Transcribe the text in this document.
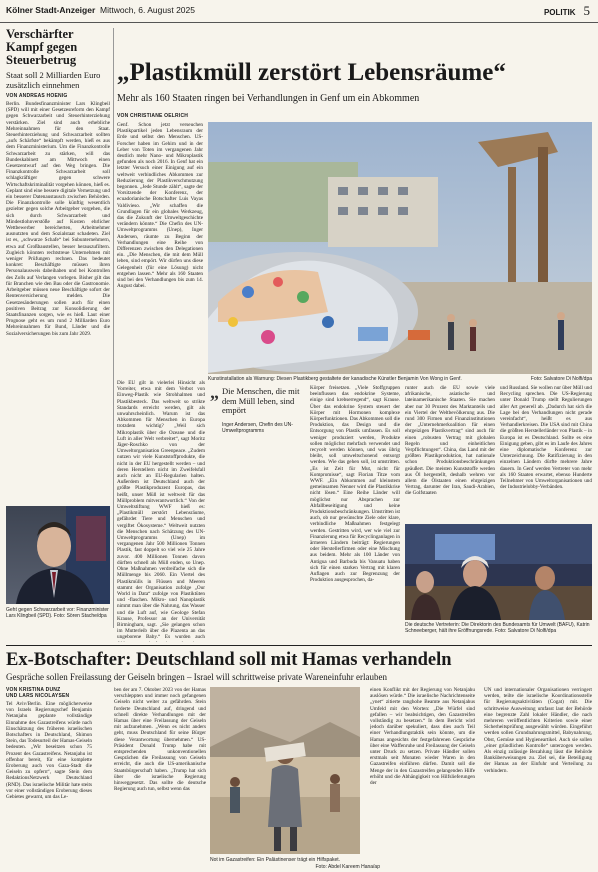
Kölner Stadt-Anzeiger Mittwoch, 6. August 2025	POLITIK 5
Verschärfter Kampf gegen Steuerbetrug
Staat soll 2 Milliarden Euro zusätzlich einnehmen
VON ANDREAS HOENIG
Berlin. Bundesfinanzminister Lars Klingbeil (SPD) will mit einer Gesetzesreform den Kampf gegen Schwarzarbeit und Steuerhinterziehung verstärken. Ziel sind auch erhebliche Mehreinnahmen für den Staat. Steuerhinterziehung und Schwarzarbeit sollten „aufs Schärfste“ bekämpft werden, hieß es aus dem Finanzministerium. Um die Finanzkontrolle Schwarzarbeit zu stärken, will das Bundeskabinett am Mittwoch einen Gesetzentwurf auf den Weg bringen. Die Finanzkontrolle Schwarzarbeit soll schlagkräftiger gegen schwere Wirtschaftskriminalität vorgehen können, hieß es. Geplant sind eine bessere digitale Vernetzung und ein besserer Datenaustausch zwischen Behörden. Die Finanzkontrolle solle künftig wesentlich gezielter gegen solche Arbeitgeber vorgehen, die sich durch Schwarzarbeit und Mindestlohnverstöße auf Kosten ehrlicher Wettbewerber bereicherten, Arbeitnehmer ausnutzten und dem Sozialstaat schadeten. Ziel ist es, „schwarze Schafe“ bei Subunternehmern, etwa auf Großbaustellen, besser herauszufiltern. Zugleich könnten rechtstreue Unternehmen mit weniger Prüfungen rechnen. Das bedeutet konkret: Beschäftigte müssen ihren Personalausweis dabeihaben und bei Kontrollen des Zolls auf Verlangen vorlegen. Bisher gilt das für Branchen wie den Bau oder die Gastronomie. Arbeitgeber müssen neue Beschäftigte sofort der Rentenversicherung melden. Die Gesetzesänderungen sollen auch für einen positiven Beitrag zur Konsolidierung der Staatsfinanzen sorgen, wie es hieß. Laut einer Prognose geht es um rund 2 Milliarden Euro Mehreinnahmen für Bund, Länder und die Sozialversicherungen bis zum Jahr 2029.
Geht gegen Schwarzarbeit vor: Finanzminister Lars Klingbeil (SPD). Foto: Sören Stache/dpa
„Plastikmüll zerstört Lebensräume“
Mehr als 160 Staaten ringen bei Verhandlungen in Genf um ein Abkommen
VON CHRISTIANE OELRICH
Genf. Schon jetzt verseuchen Plastikpartikel jeden Lebensraum der Erde und selbst den Menschen. US-Forscher haben im Gehirn und in der Leber von Toten im vergangenen Jahr deutlich mehr Nano- und Mikroplastik gefunden als noch 2016. In Genf hat ein letzter Versuch einer Einigung auf ein weltweit verbindliches Abkommen zur Reduzierung der Plastikverschmutzung begonnen. „Jede Stunde zählt“, sagte der Vorsitzende der Konferenz, der ecuadorianische Botschafter Luis Vayas Valdivieso. „Wir schaffen die Grundlagen für ein globales Werkzeug, das die Zukunft der Umweltgeschichte verändern könnte.“ Die Chefin des UN-Umweltprogramms (Unep), Inger Andersen, räumte zu Beginn der Verhandlungen eine Reihe von Differenzen zwischen den Delegationen ein. „Die Menschen, die mit dem Müll leben, sind empört. Wir dürfen uns diese Gelegenheit (für eine Lösung) nicht entgehen lassen.“ Mehr als 160 Staaten sind bei den Verhandlungen bis zum 14. August dabei.
Kunstinstallation als Warnung: Diesen Plastikberg gestaltete der kanadische Künstler Benjamin Von Wong in Genf.	Foto: Salvatore Di Nolfi/dpa
Die EU gilt in vielerlei Hinsicht als Vorreiter, etwa mit dem Verbot von Einweg-Plastik wie Strohhalmen und Plastikbesteck. Das weltweit so strikte Standards erreicht werden, gilt als unwahrscheinlich. Warum ist das Abkommen für Menschen in Europa trotzdem wichtig? „Weil sich Mikroplastik über die Ozeane und die Luft in aller Welt verbreitet“, sagt Moritz Jäger-Roschko von der Umweltorganisation Greenpeace. „Zudem nutzen wir viele Kunststoffprodukte, die nicht in der EU hergestellt werden – und deren Herstellern nicht im Zweifelsfall auch nicht an EU-Regularien halten. Außerdem ist Deutschland auch der größte Plastikproduzent Europas, das heißt, unser Müll ist weltweit für das Müllproblem mitverantwortlich.“ Von der Umweltstiftung WWF hieß es: „Plastikmüll zerstört Lebensräume, gefährdet Tiere und Menschen und vergiftet Ökosysteme.“ Weltweit nutzten die Menschen nach Schätzung des UN-Umweltprogramms (Unep) im vergangenen Jahr 500 Millionen Tonnen Plastik, fast doppelt so viel wie 25 Jahre zuvor. 400 Millionen Tonnen davon dürften schnell als Müll enden, so Unep. Ohne Maßnahmen verdreifache sich die Müllmenge bis 2060. Ein Viertel des Plastikmülls in Flüssen und Meeren stammt der Organisation zufolge „Our World in Data“ zufolge von Plastiktüten und -flaschen. Mikro- und Nanoplastik nimmt man über die Nahrung, das Wasser und die Luft auf, wie Geologe Stefan Krause, Professor an der Universität Birmingham, sagt. „Sie gelangen schon im Mutterleib über die Plazenta an das ungeborene Baby.“ Es wurden auch
„ Die Menschen, die mit dem Müll leben, sind empört
Inger Andersen, Chefin des UN-Umweltprogramms
Körper freisetzen. „Viele Stoffgruppen beeinflussen das endokrine Systeme, einige sind krebserregend“, sagt Krause. Über das endokrine System steuert der Körper mit Hormonen komplexe Körperfunktionen. Das Abkommen soll die Produktion, das Design und die Entsorgung von Plastik umfassen. Es soll weniger produziert werden, Produkte sollen möglichst mehrfach verwendet und recycelt werden können, und was übrig bleibt, soll umweltschonend entsorgt werden. Wie das gehen soll, ist umstritten. „Es ist Zeit für Mut, nicht für Kompromisse“, sagt Florian Titze vom WWF. „Ein Abkommen auf kleinstem gemeinsamen Nenner wird die Plastikkrise nicht lösen.“ Eine Reihe Länder will möglichst nur Absprachen zur Abfallbeseitigung und keine Produktionsbeschränkungen. Umstritten ist auch, ob nur gewünschte Ziele oder klare, verbindliche Maßnahmen festgelegt werden. Gestritten wird, wer wie viel zur Finanzierung etwa für Recyclinganlagen in ärmeren Ländern beiträgt: Regierungen oder Herstellerfirmen oder eine Mischung aus beidem. Mehr als 100 Länder von Antigua und Barbuda bis Vanuatu haben sich für einen starken Vertrag mit klaren Auflagen auch zur Begrenzung der Produktion ausgesprochen, da-
runter auch die EU sowie viele afrikanische, asiatische und lateinamerikanische Staaten. Sie machen aber nur 30 Prozent des Marktanteils und ein Viertel der Weltbevölkerung aus. Die rund 300 Firmen und Finanzinstitutionen der „Unternehmerkoalition für einen ehrgeizigen Plastikvertrag“ sind auch für einen „robusten Vertrag mit globalen Regeln und einheitlichen Verpflichtungen“. China, das Land mit der größten Plastikproduktion, hat nationale schon Produktionsbeschränkungen geäußert. Die meisten Kunststoffe werden aus Öl hergestellt, deshalb wehren vor allem die Ölstaaten einen ehrgeizigen Vertrag, darunter der Iran, Saudi-Arabien, die Golfstaaten
und Russland. Sie wollen nur über Müll und Recycling sprechen. Die US-Regierung unter Donald Trump stellt Regulierungen aller Art generell ab. „Dadurch hat sich die Lage bei den Verhandlungen nicht gerade vereinfacht“, heißt es aus Verhandlerkreisen. Die USA sind mit China die größten Herstellerländer von Plastik – in Europa ist es Deutschland. Sollte es eine Einigung geben, gibt es im Laufe des Jahres eine diplomatische Konferenz zur Unterzeichnung. Die Ratifizierung in den einzelnen Ländern dürfte mehrere Jahre dauern. In Genf werden Vertreter von mehr als 160 Staaten erwartet, ebenso Hunderte Teilnehmer von Umweltorganisationen und der Industrielobby-Verbänden.
Die deutsche Vertreterin: Die Direktorin des Bundesamts für Umwelt (BAFU), Katrin Schneeberger, hält ihre Eröffnungsrede. Foto: Salvatore Di Nolfi/dpa
Ex-Botschafter: Deutschland soll mit Hamas verhandeln
Gespräche sollen Freilassung der Geiseln bringen – Israel will schrittweise private Wareneinfuhr erlauben
VON KRISTINA DUNZ
UND LARS NICOLAYSEN
Tel Aviv/Berlin. Eine möglicherweise von Israels Regierungschef Benjamin Netanjahu geplante vollständige Einnahme des Gazastreifens würde nach Einschätzung des früheren israelischen Botschafters in Deutschland, Shimon Stein, das Todesurteil der Hamas-Geiseln bedeuten. „Wir beseitzen schon 75 Prozent des Gazastreifens. Netanjahu ist offenbar bereit, für eine komplette Eroberung auch von Gaza-Stadt die Geiseln zu opfern“, sagte Stein dem RedaktionsNetzwerk Deutschland (RND). Das israelische Militär hate steits vor einer vollständigen Eroberung dieses Gebietes gewarnt, um das Le-
ben der am 7. Oktober 2023 von der Hamas verschleppten und immer noch gefangenen Geiseln nicht weiter zu gefährden. Stein forderte Deutschland auf, dringend und schnell direkte Verhandlungen mit der Hamas über eine Freilassung der Geiseln mit aufzunehmen. „Wenn es nicht anders geht, muss Deutschland für seine Bürger diese Verantwortung übernehmen.“ US-Präsident Donald Trump habe mit entsprechenden unkonventionellen Gesprächen die Freilassung von Geiseln erreicht, die auch die US-amerikanische Staatsbürgerschaft haben. „Trump hat sich über die israelische Regierung hinweggesetzt. Das sollte die deutsche Regierung auch tun, selbst wenn das
Not im Gazastreifen: Ein Palästinenser trägt ein Hilfspaket.
Foto: Abdel Kareem Hana/ap
einen Konflikt mit der Regierung von Netanjahu auslösen würde.“ Die israelische Nachrichtenseite „ynet“ zitierte ranghohe Beamte aus Netanjahus Umfeld mit den Worten: „Die Würfel sind gefallen – wir beabsichtigen, den Gazastreifen vollständig zu besetzen.“ In dem Bericht wird jedoch darüber spekuliert, dass dies auch Teil einer Verhandlungstaktik sein könnte, um die Hamas angesichts der festgefahrenen Gespräche über eine Waffenruhe und Freilassung der Geiseln unter Druck zu setzen. Private Händler sollen erstmals seit Monaten wieder Waren in den Gazastreifen einführen dürfen. Damit soll die Menge der in den Gazastreifen gelangenden Hilfe erhöht und die Abhängigkeit von Hilfslieferungen der
UN und internationaler Organisationen verringert werden, teilte die israelische Koordinationsstelle für Regierungsaktivitäten (Cogat) mit. Die schrittweise Ausweitung umfasst laut der Behörde eine begrenzte Zahl lokaler Händler, die nach mehreren veröffentlichten Kriterien sowie einer Sicherheitsprüfung ausgewählt würden. Eingeführt werden sollen Grundnahrungsmittel, Babynahrung, Obst, Gemüse und Hygieneartikel. Auch sie sollen „einer gründlichen Kontrolle“ unterzogen werden. Als einzig zulässige Bezahlung lässt die Behörde Banküberweisungen zu. Ziel sei, die Beteiligung der Hamas an der Einfuhr und Verteilung zu verhindern.
